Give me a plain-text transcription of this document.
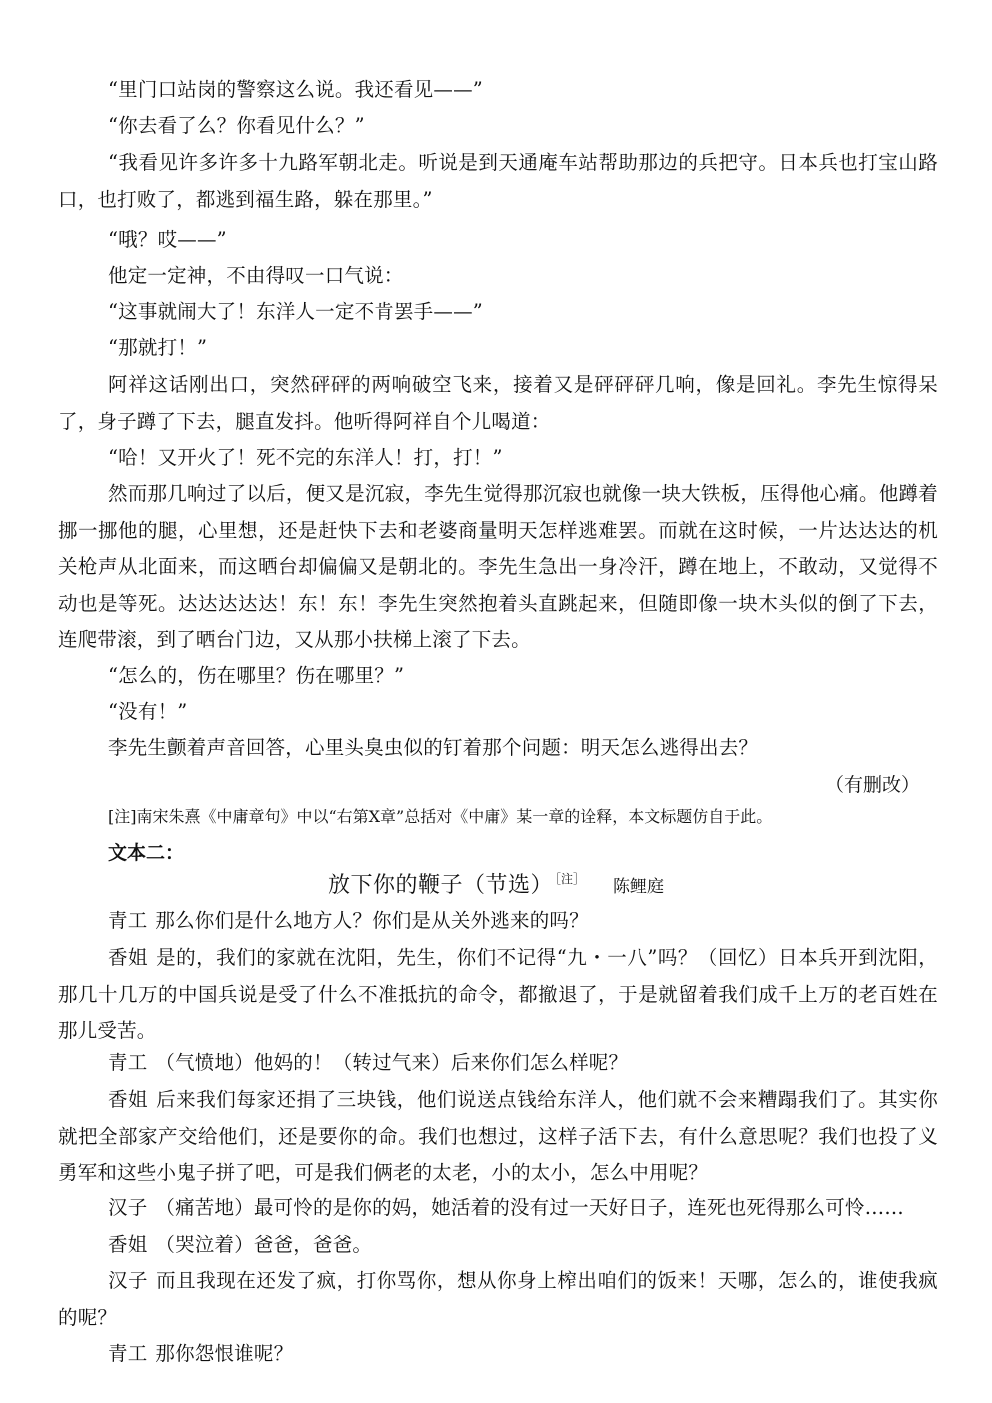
“里门口站岗的警察这么说。我还看见——”
“你去看了么？你看见什么？”
“我看见许多许多十九路军朝北走。听说是到天通庵车站帮助那边的兵把守。日本兵也打宝山路口，也打败了，都逃到福生路，躲在那里。”
“哦？哎——”
他定一定神，不由得叹一口气说：
“这事就闹大了！东洋人一定不肯罢手——”
“那就打！”
阿祥这话刚出口，突然砰砰的两响破空飞来，接着又是砰砰砰几响，像是回礼。李先生惊得呆了，身子蹲了下去，腿直发抖。他听得阿祥自个儿喝道：
“哈！又开火了！死不完的东洋人！打，打！”
然而那几响过了以后，便又是沉寂，李先生觉得那沉寂也就像一块大铁板，压得他心痛。他蹲着挪一挪他的腿，心里想，还是赶快下去和老婆商量明天怎样逃难罢。而就在这时候，一片达达达的机关枪声从北面来，而这晒台却偏偏又是朝北的。李先生急出一身冷汗，蹲在地上，不敢动，又觉得不动也是等死。达达达达达！东！东！李先生突然抱着头直跳起来，但随即像一块木头似的倒了下去，连爬带滚，到了晒台门边，又从那小扶梯上滚了下去。
“怎么的，伤在哪里？伤在哪里？”
“没有！”
李先生颤着声音回答，心里头臭虫似的钉着那个问题：明天怎么逃得出去？
（有删改）
[注]南宋朱熹《中庸章句》中以“右第X章”总括对《中庸》某一章的诠释，本文标题仿自于此。
文本二：
放下你的鞭子（节选） $^{[注]}$ 陈鲤庭
青工 那么你们是什么地方人？你们是从关外逃来的吗？
香姐 是的，我们的家就在沈阳，先生，你们不记得“九・一八”吗？（回忆）日本兵开到沈阳，那几十几万的中国兵说是受了什么不准抵抗的命令，都撤退了，于是就留着我们成千上万的老百姓在那儿受苦。
青工 （气愤地）他妈的！（转过气来）后来你们怎么样呢？
香姐 后来我们每家还捐了三块钱，他们说送点钱给东洋人，他们就不会来糟蹋我们了。其实你就把全部家产交给他们，还是要你的命。我们也想过，这样子活下去，有什么意思呢？我们也投了义勇军和这些小鬼子拼了吧，可是我们俩老的太老，小的太小，怎么中用呢？
汉子 （痛苦地）最可怜的是你的妈，她活着的没有过一天好日子，连死也死得那么可怜……
香姐 （哭泣着）爸爸，爸爸。
汉子 而且我现在还发了疯，打你骂你，想从你身上榨出咱们的饭来！天哪，怎么的，谁使我疯的呢？
青工 那你怨恨谁呢？
